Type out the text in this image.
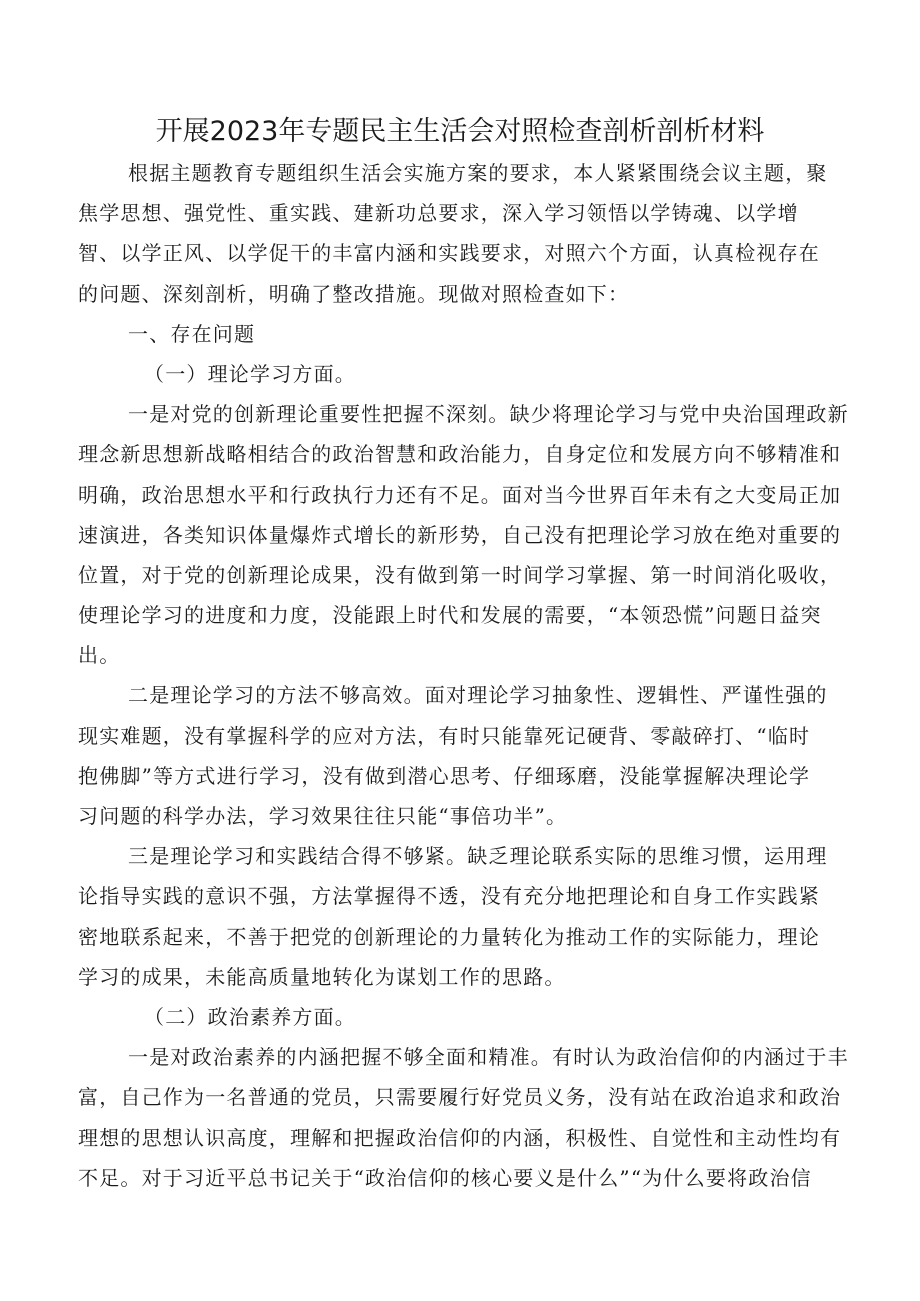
开展2023年专题民主生活会对照检查剖析剖析材料
根据主题教育专题组织生活会实施方案的要求，本人紧紧围绕会议主题，聚
焦学思想、强党性、重实践、建新功总要求，深入学习领悟以学铸魂、以学增
智、以学正风、以学促干的丰富内涵和实践要求，对照六个方面，认真检视存在
的问题、深刻剖析，明确了整改措施。现做对照检查如下：
一、存在问题
（一）理论学习方面。
一是对党的创新理论重要性把握不深刻。缺少将理论学习与党中央治国理政新
理念新思想新战略相结合的政治智慧和政治能力，自身定位和发展方向不够精准和
明确，政治思想水平和行政执行力还有不足。面对当今世界百年未有之大变局正加
速演进，各类知识体量爆炸式增长的新形势，自己没有把理论学习放在绝对重要的
位置，对于党的创新理论成果，没有做到第一时间学习掌握、第一时间消化吸收，
使理论学习的进度和力度，没能跟上时代和发展的需要，“本领恐慌”问题日益突
出。
二是理论学习的方法不够高效。面对理论学习抽象性、逻辑性、严谨性强的
现实难题，没有掌握科学的应对方法，有时只能靠死记硬背、零敲碎打、“临时
抱佛脚”等方式进行学习，没有做到潜心思考、仔细琢磨，没能掌握解决理论学
习问题的科学办法，学习效果往往只能“事倍功半”。
三是理论学习和实践结合得不够紧。缺乏理论联系实际的思维习惯，运用理
论指导实践的意识不强，方法掌握得不透，没有充分地把理论和自身工作实践紧
密地联系起来，不善于把党的创新理论的力量转化为推动工作的实际能力，理论
学习的成果，未能高质量地转化为谋划工作的思路。
（二）政治素养方面。
一是对政治素养的内涵把握不够全面和精准。有时认为政治信仰的内涵过于丰
富，自己作为一名普通的党员，只需要履行好党员义务，没有站在政治追求和政治
理想的思想认识高度，理解和把握政治信仰的内涵，积极性、自觉性和主动性均有
不足。对于习近平总书记关于“政治信仰的核心要义是什么”“为什么要将政治信
